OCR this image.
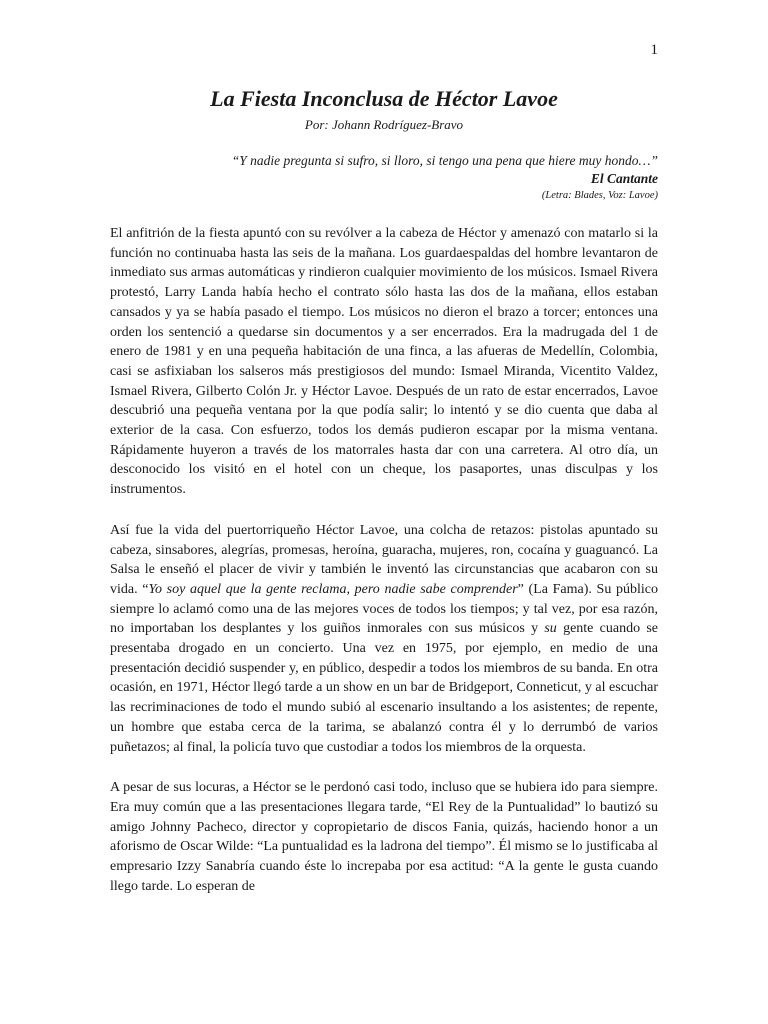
1
La Fiesta Inconclusa de Héctor Lavoe
Por: Johann Rodríguez-Bravo
“Y nadie pregunta si sufro, si lloro, si tengo una pena que hiere muy hondo…”
El Cantante
(Letra: Blades, Voz: Lavoe)

El anfitrión de la fiesta apuntó con su revólver a la cabeza de Héctor y amenazó con matarlo si la función no continuaba hasta las seis de la mañana. Los guardaespaldas del hombre levantaron de inmediato sus armas automáticas y rindieron cualquier movimiento de los músicos. Ismael Rivera protestó, Larry Landa había hecho el contrato sólo hasta las dos de la mañana, ellos estaban cansados y ya se había pasado el tiempo. Los músicos no dieron el brazo a torcer; entonces una orden los sentenció a quedarse sin documentos y a ser encerrados. Era la madrugada del 1 de enero de 1981 y en una pequeña habitación de una finca, a las afueras de Medellín, Colombia, casi se asfixiaban los salseros más prestigiosos del mundo: Ismael Miranda, Vicentito Valdez, Ismael Rivera, Gilberto Colón Jr. y Héctor Lavoe. Después de un rato de estar encerrados, Lavoe descubrió una pequeña ventana por la que podía salir; lo intentó y se dio cuenta que daba al exterior de la casa. Con esfuerzo, todos los demás pudieron escapar por la misma ventana. Rápidamente huyeron a través de los matorrales hasta dar con una carretera. Al otro día, un desconocido los visitó en el hotel con un cheque, los pasaportes, unas disculpas y los instrumentos.

Así fue la vida del puertorriqueño Héctor Lavoe, una colcha de retazos: pistolas apuntado su cabeza, sinsabores, alegrías, promesas, heroína, guaracha, mujeres, ron, cocaína y guaguancó. La Salsa le enseñó el placer de vivir y también le inventó las circunstancias que acabaron con su vida. “Yo soy aquel que la gente reclama, pero nadie sabe comprender” (La Fama). Su público siempre lo aclamó como una de las mejores voces de todos los tiempos; y tal vez, por esa razón, no importaban los desplantes y los guiños inmorales con sus músicos y su gente cuando se presentaba drogado en un concierto. Una vez en 1975, por ejemplo, en medio de una presentación decidió suspender y, en público, despedir a todos los miembros de su banda. En otra ocasión, en 1971, Héctor llegó tarde a un show en un bar de Bridgeport, Conneticut, y al escuchar las recriminaciones de todo el mundo subió al escenario insultando a los asistentes; de repente, un hombre que estaba cerca de la tarima, se abalanzó contra él y lo derrumbó de varios puñetazos; al final, la policía tuvo que custodiar a todos los miembros de la orquesta.

A pesar de sus locuras, a Héctor se le perdonó casi todo, incluso que se hubiera ido para siempre. Era muy común que a las presentaciones llegara tarde, “El Rey de la Puntualidad” lo bautizó su amigo Johnny Pacheco, director y copropietario de discos Fania, quizás, haciendo honor a un aforismo de Oscar Wilde: “La puntualidad es la ladrona del tiempo”. Él mismo se lo justificaba al empresario Izzy Sanabría cuando éste lo increpaba por esa actitud: “A la gente le gusta cuando llego tarde. Lo esperan de
